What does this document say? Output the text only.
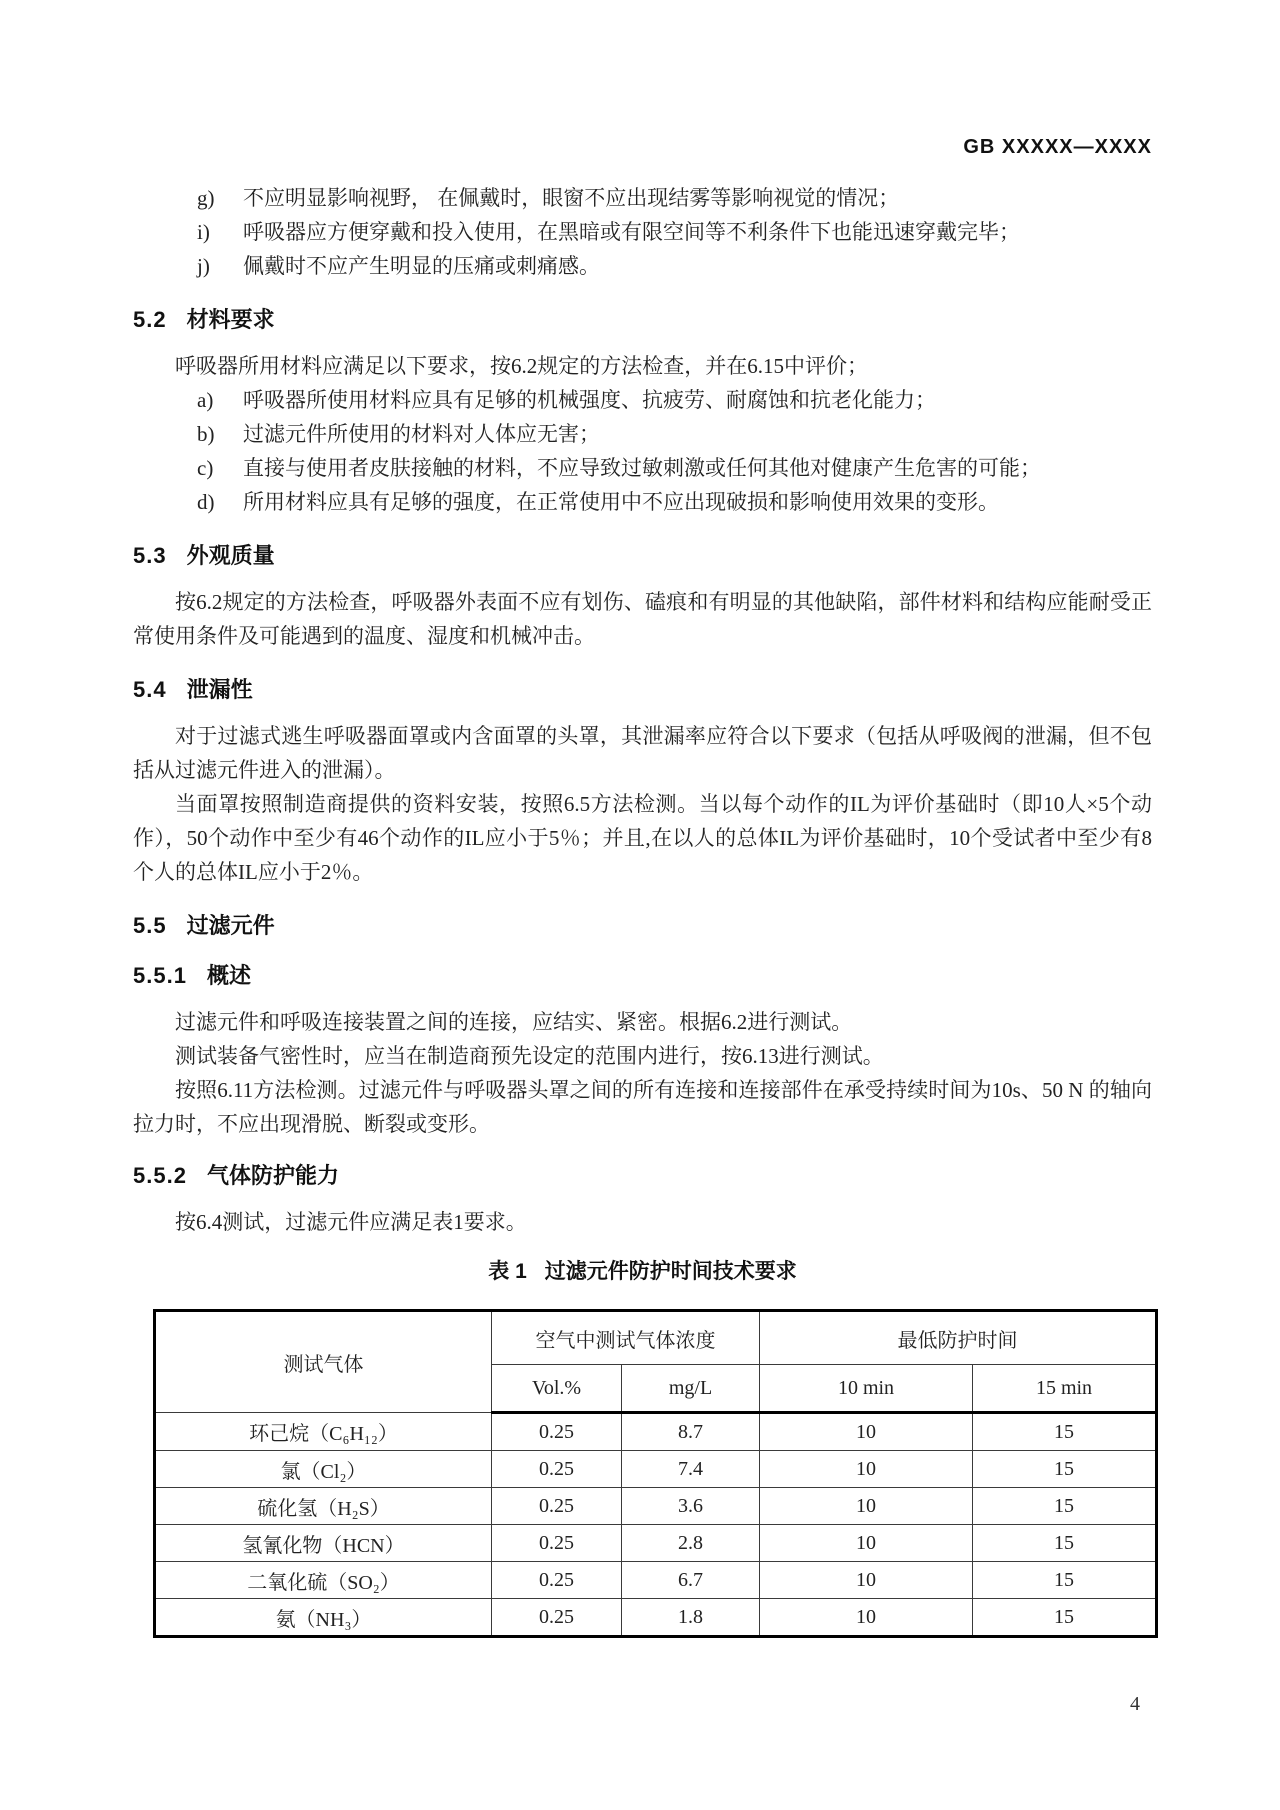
GB XXXXX—XXXX
g)	不应明显影响视野， 在佩戴时，眼窗不应出现结雾等影响视觉的情况；
i)	呼吸器应方便穿戴和投入使用，在黑暗或有限空间等不利条件下也能迅速穿戴完毕；
j)	佩戴时不应产生明显的压痛或刺痛感。
5.2 材料要求

呼吸器所用材料应满足以下要求，按6.2规定的方法检查，并在6.15中评价；

a)	呼吸器所使用材料应具有足够的机械强度、抗疲劳、耐腐蚀和抗老化能力；
b)	过滤元件所使用的材料对人体应无害；
c)	直接与使用者皮肤接触的材料，不应导致过敏刺激或任何其他对健康产生危害的可能；
d)	所用材料应具有足够的强度，在正常使用中不应出现破损和影响使用效果的变形。
5.3 外观质量

按6.2规定的方法检查，呼吸器外表面不应有划伤、磕痕和有明显的其他缺陷，部件材料和结构应能耐受正常使用条件及可能遇到的温度、湿度和机械冲击。

5.4 泄漏性

对于过滤式逃生呼吸器面罩或内含面罩的头罩，其泄漏率应符合以下要求（包括从呼吸阀的泄漏，但不包括从过滤元件进入的泄漏）。

当面罩按照制造商提供的资料安装，按照6.5方法检测。当以每个动作的IL为评价基础时（即10人×5个动作），50个动作中至少有46个动作的IL应小于5％；并且,在以人的总体IL为评价基础时，10个受试者中至少有8个人的总体IL应小于2％。

5.5 过滤元件
5.5.1 概述

过滤元件和呼吸连接装置之间的连接，应结实、紧密。根据6.2进行测试。

测试装备气密性时，应当在制造商预先设定的范围内进行，按6.13进行测试。

按照6.11方法检测。过滤元件与呼吸器头罩之间的所有连接和连接部件在承受持续时间为10s、50 N 的轴向拉力时，不应出现滑脱、断裂或变形。

5.5.2 气体防护能力

按6.4测试，过滤元件应满足表1要求。

表 1 过滤元件防护时间技术要求
测试气体	空气中测试气体浓度		最低防护时间	
	Vol.%	mg/L	10 min	15 min
环己烷（C₆H₁₂）	0.25	8.7	10	15
氯（Cl₂）	0.25	7.4	10	15
硫化氢（H₂S）	0.25	3.6	10	15
氢氰化物（HCN）	0.25	2.8	10	15
二氧化硫（SO₂）	0.25	6.7	10	15
氨（NH₃）	0.25	1.8	10	15
4
